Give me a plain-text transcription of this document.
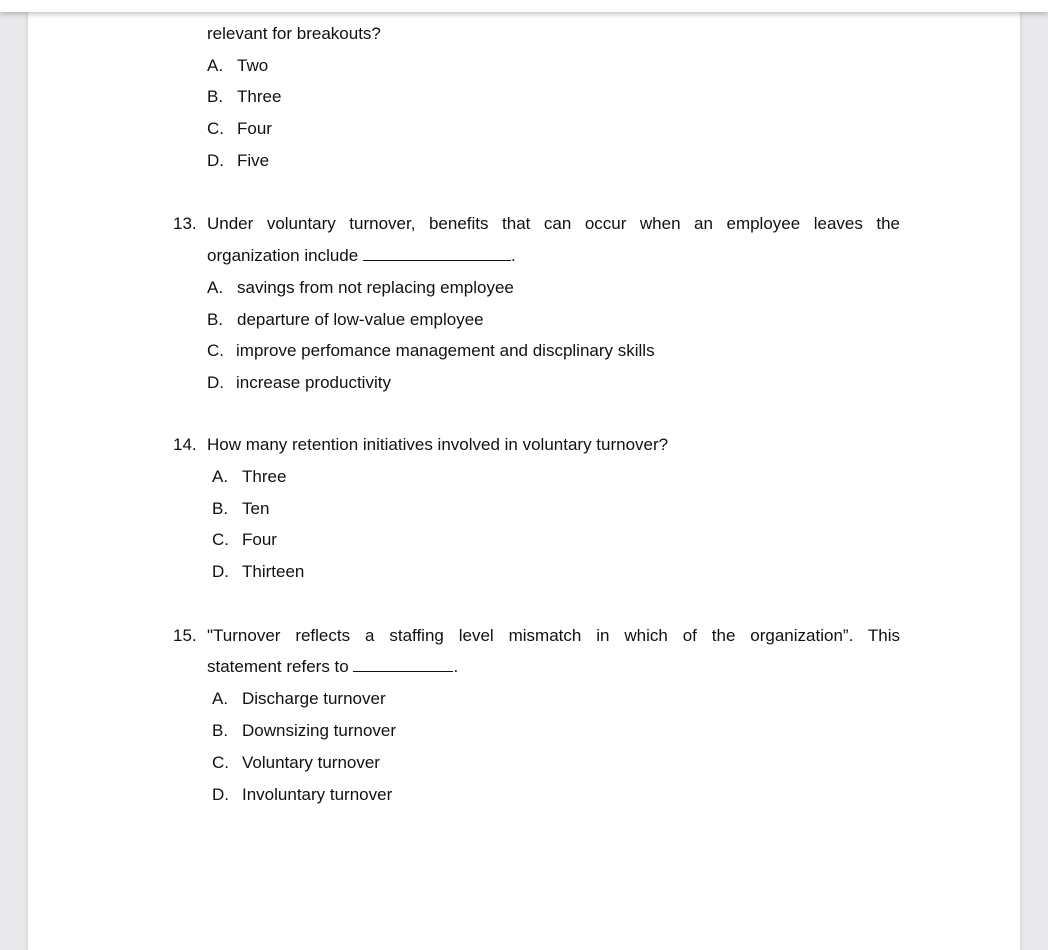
relevant for breakouts?
A. Two
B. Three
C. Four
D. Five
13. Under voluntary turnover, benefits that can occur when an employee leaves the
organization include	.
A. savings from not replacing employee
B. departure of low-value employee
C. improve perfomance management and discplinary skills
D. increase productivity
14. How many retention initiatives involved in voluntary turnover?
A. Three
B. Ten
C. Four
D. Thirteen
15. "Turnover reflects a staffing level mismatch in which of the organization”. This
statement refers to	.
A. Discharge turnover
B. Downsizing turnover
C. Voluntary turnover
D. Involuntary turnover
